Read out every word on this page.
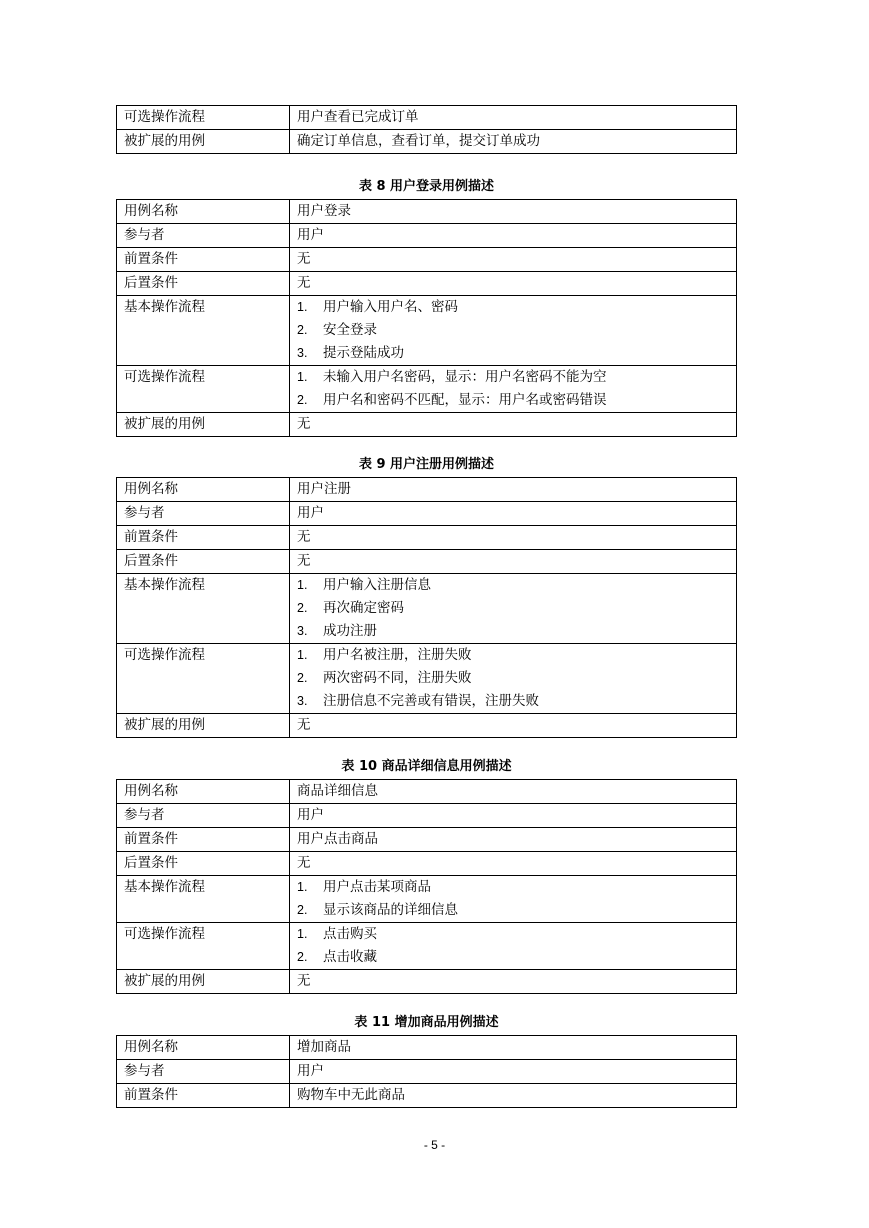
可选操作流程	用户查看已完成订单
被扩展的用例	确定订单信息，查看订单，提交订单成功
表 8 用户登录用例描述
用例名称	用户登录
参与者	用户
前置条件	无
后置条件	无
基本操作流程	1. 用户输入用户名、密码
2. 安全登录
3. 提示登陆成功

可选操作流程	1. 未输入用户名密码，显示：用户名密码不能为空
2. 用户名和密码不匹配，显示：用户名或密码错误

被扩展的用例	无
表 9 用户注册用例描述
用例名称	用户注册
参与者	用户
前置条件	无
后置条件	无
基本操作流程	1. 用户输入注册信息
2. 再次确定密码
3. 成功注册

可选操作流程	1. 用户名被注册，注册失败
2. 两次密码不同，注册失败
3. 注册信息不完善或有错误，注册失败

被扩展的用例	无
表 10 商品详细信息用例描述
用例名称	商品详细信息
参与者	用户
前置条件	用户点击商品
后置条件	无
基本操作流程	1. 用户点击某项商品
2. 显示该商品的详细信息

可选操作流程	1. 点击购买
2. 点击收藏

被扩展的用例	无
表 11 增加商品用例描述
用例名称	增加商品
参与者	用户
前置条件	购物车中无此商品
- 5 -
